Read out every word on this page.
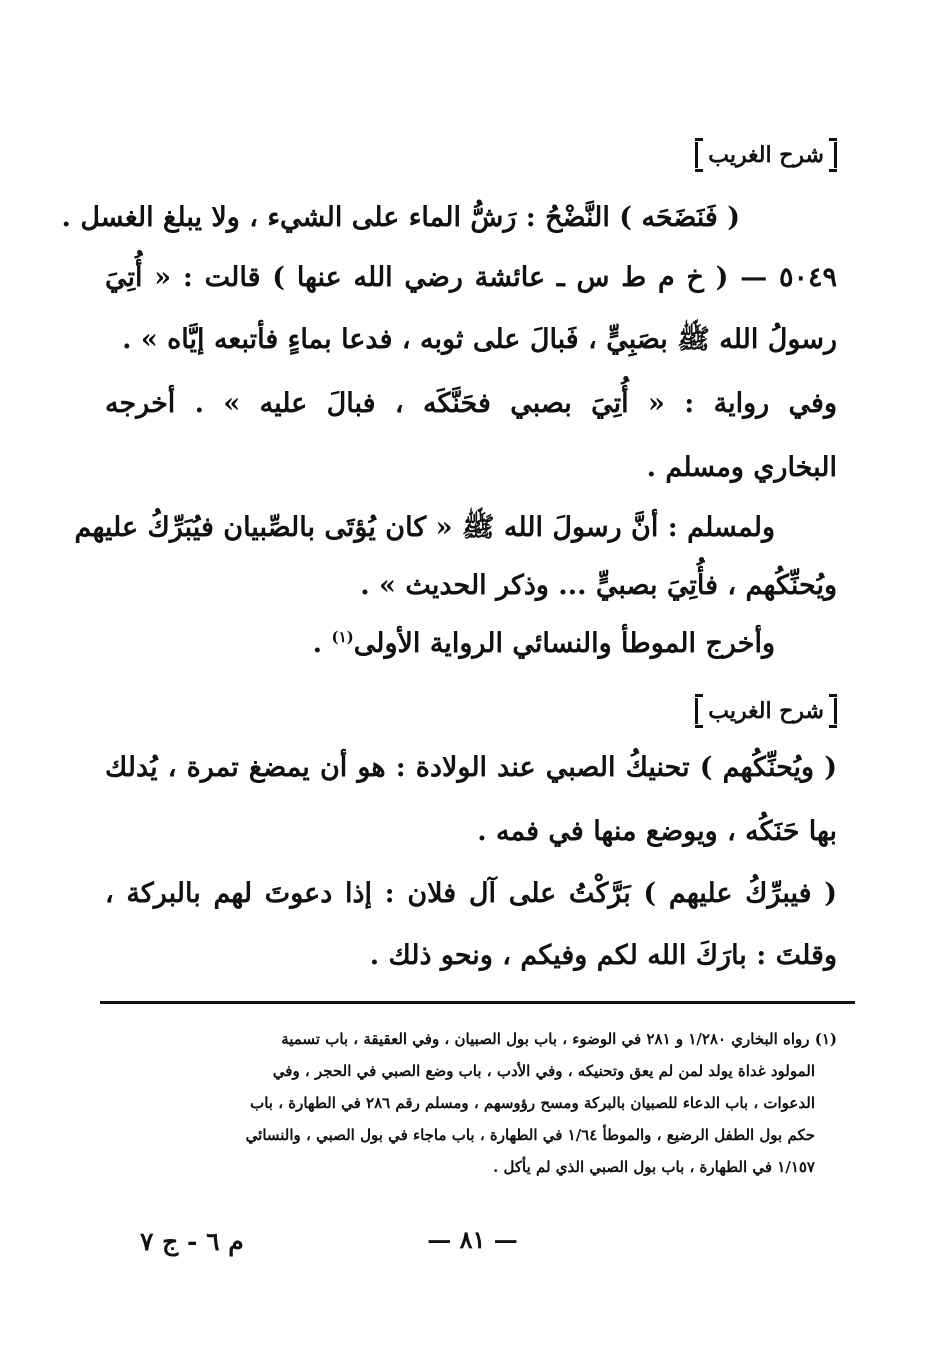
شرح الغريب
( فَنَضَحَه ) النَّضْحُ : رَشُّ الماء على الشيء ، ولا يبلغ الغسل .
٥٠٤٩ — ( خ م ط س ـ عائشة رضي الله عنها ) قالت : « أُتِيَ
رسولُ الله ﷺ بصَبِيٍّ ، فَبالَ على ثوبه ، فدعا بماءٍ فأتبعه إيَّاه » .
وفي رواية : « أُتِيَ بصبي فحَنَّكَه ، فبالَ عليه » . أخرجه
البخاري ومسلم .
ولمسلم : أنَّ رسولَ الله ﷺ « كان يُؤتَى بالصِّبيان فيُبَرِّكُ عليهم
ويُحنِّكُهم ، فأُتِيَ بصبيٍّ ... وذكر الحديث » .
وأخرج الموطأ والنسائي الرواية الأولى$^{(١)}$ .
شرح الغريب
( ويُحنِّكُهم ) تحنيكُ الصبي عند الولادة : هو أن يمضغ تمرة ، يُدلك
بها حَنَكُه ، ويوضع منها في فمه .
( فيبرِّكُ عليهم ) بَرَّكْتُ على آل فلان : إذا دعوتَ لهم بالبركة ،
وقلتَ : بارَكَ الله لكم وفيكم ، ونحو ذلك .
(١) رواه البخاري ١/٢٨٠ و ٢٨١ في الوضوء ، باب بول الصبيان ، وفي العقيقة ، باب تسمية
المولود غداة يولد لمن لم يعق وتحنيكه ، وفي الأدب ، باب وضع الصبي في الحجر ، وفي
الدعوات ، باب الدعاء للصبيان بالبركة ومسح رؤوسهم ، ومسلم رقم ٢٨٦ في الطهارة ، باب
حكم بول الطفل الرضيع ، والموطأ ١/٦٤ في الطهارة ، باب ماجاء في بول الصبي ، والنسائي
١/١٥٧ في الطهارة ، باب بول الصبي الذي لم يأكل .
— ٨١ —
م ٦ - ج ٧
